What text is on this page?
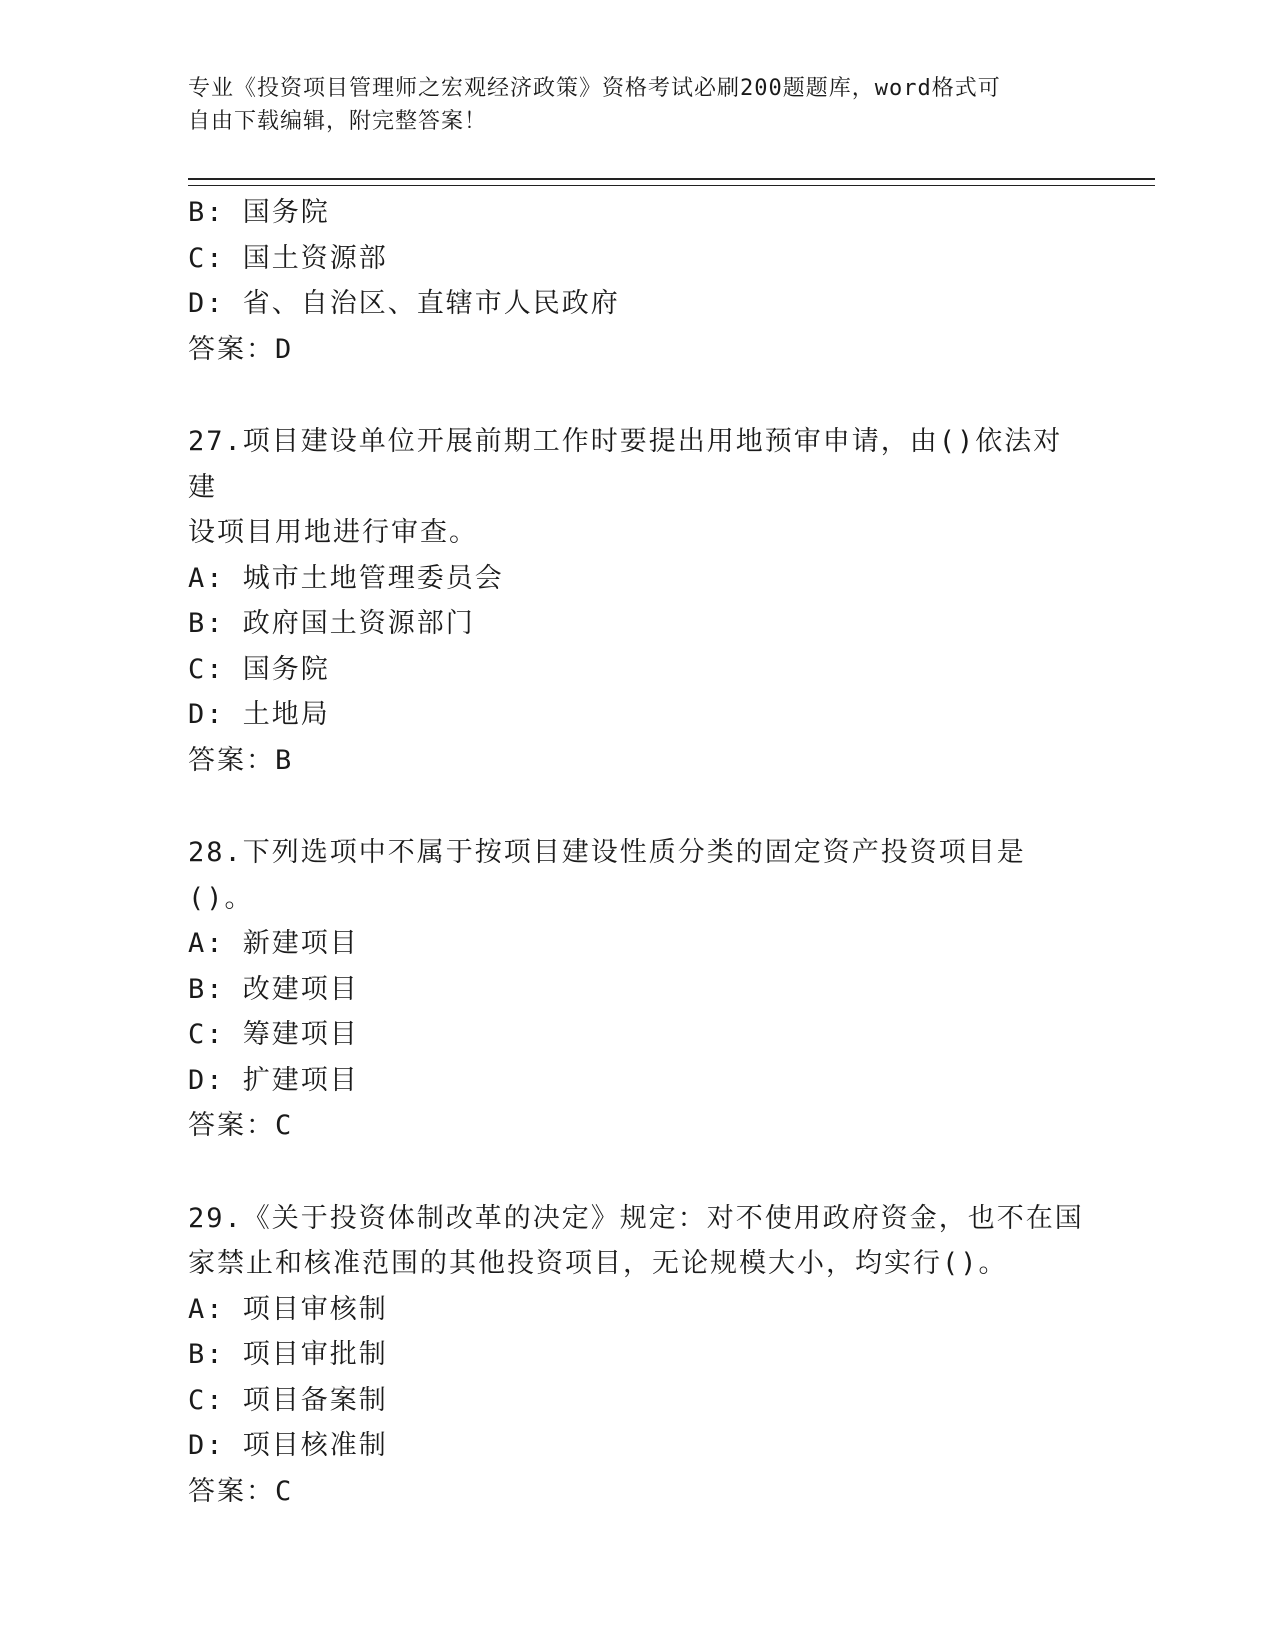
专业《投资项目管理师之宏观经济政策》资格考试必刷200题题库，word格式可
自由下载编辑，附完整答案！
B: 国务院
C: 国土资源部
D: 省、自治区、直辖市人民政府
答案：D
27.项目建设单位开展前期工作时要提出用地预审申请，由()依法对建
设项目用地进行审查。
A: 城市土地管理委员会
B: 政府国土资源部门
C: 国务院
D: 土地局
答案：B
28.下列选项中不属于按项目建设性质分类的固定资产投资项目是()。
A: 新建项目
B: 改建项目
C: 筹建项目
D: 扩建项目
答案：C
29.《关于投资体制改革的决定》规定：对不使用政府资金，也不在国
家禁止和核准范围的其他投资项目，无论规模大小，均实行()。
A: 项目审核制
B: 项目审批制
C: 项目备案制
D: 项目核准制
答案：C
